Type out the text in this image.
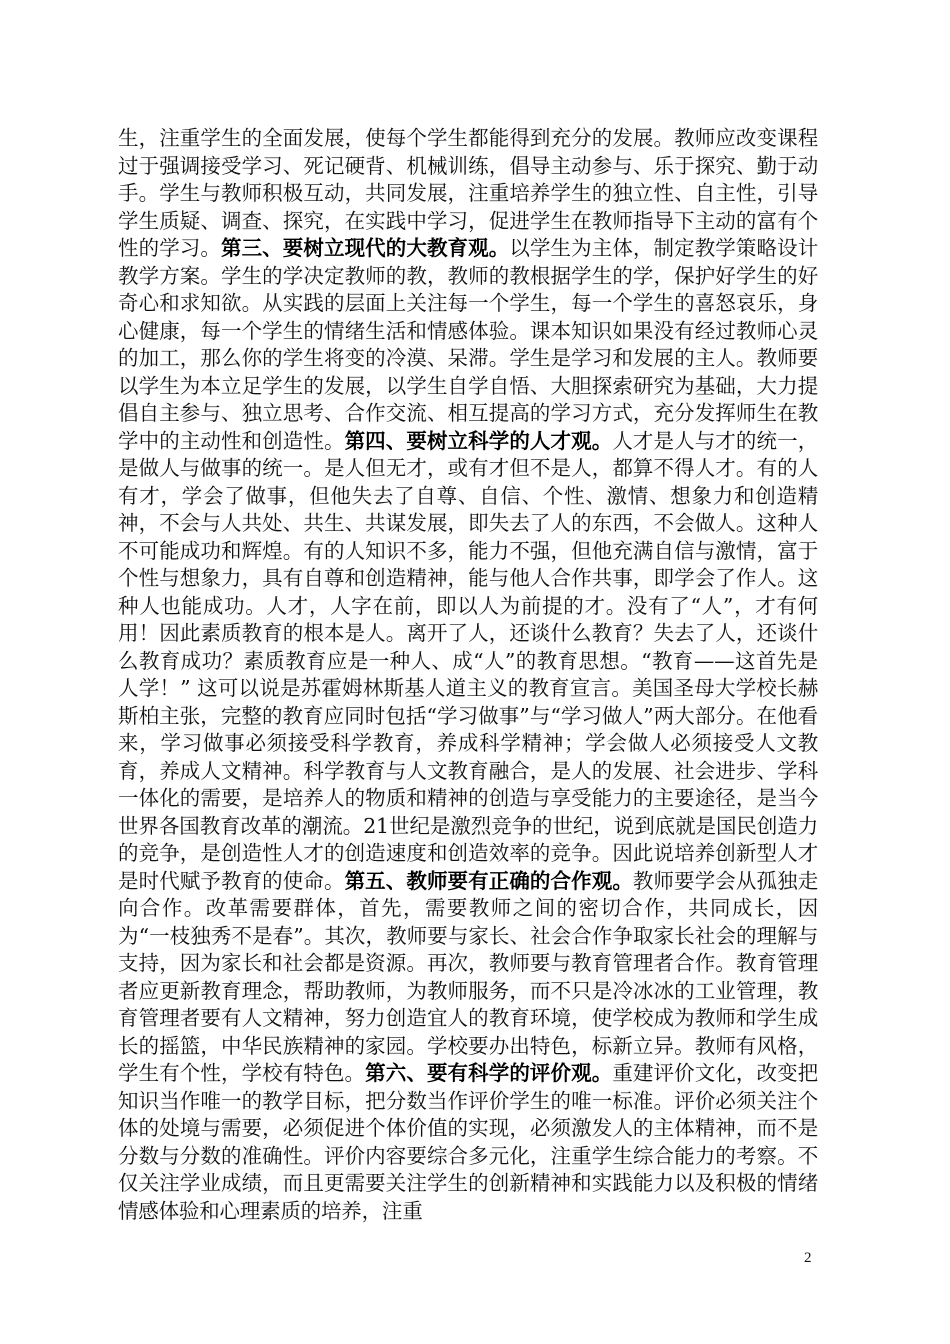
生，注重学生的全面发展，使每个学生都能得到充分的发展。教师应改变课程过于强调接受学习、死记硬背、机械训练，倡导主动参与、乐于探究、勤于动手。学生与教师积极互动，共同发展，注重培养学生的独立性、自主性，引导学生质疑、调查、探究，在实践中学习，促进学生在教师指导下主动的富有个性的学习。第三、要树立现代的大教育观。以学生为主体，制定教学策略设计教学方案。学生的学决定教师的教，教师的教根据学生的学，保护好学生的好奇心和求知欲。从实践的层面上关注每一个学生，每一个学生的喜怒哀乐，身心健康，每一个学生的情绪生活和情感体验。课本知识如果没有经过教师心灵的加工，那么你的学生将变的冷漠、呆滞。学生是学习和发展的主人。教师要以学生为本立足学生的发展，以学生自学自悟、大胆探索研究为基础，大力提倡自主参与、独立思考、合作交流、相互提高的学习方式，充分发挥师生在教学中的主动性和创造性。第四、要树立科学的人才观。人才是人与才的统一，是做人与做事的统一。是人但无才，或有才但不是人，都算不得人才。有的人有才，学会了做事，但他失去了自尊、自信、个性、激情、想象力和创造精神，不会与人共处、共生、共谋发展，即失去了人的东西，不会做人。这种人不可能成功和辉煌。有的人知识不多，能力不强，但他充满自信与激情，富于个性与想象力，具有自尊和创造精神，能与他人合作共事，即学会了作人。这种人也能成功。人才，人字在前，即以人为前提的才。没有了“人”，才有何用！因此素质教育的根本是人。离开了人，还谈什么教育？失去了人，还谈什么教育成功？素质教育应是一种人、成“人”的教育思想。“教育——这首先是人学！” 这可以说是苏霍姆林斯基人道主义的教育宣言。美国圣母大学校长赫斯柏主张，完整的教育应同时包括“学习做事”与“学习做人”两大部分。在他看来，学习做事必须接受科学教育，养成科学精神；学会做人必须接受人文教育，养成人文精神。科学教育与人文教育融合，是人的发展、社会进步、学科一体化的需要，是培养人的物质和精神的创造与享受能力的主要途径，是当今世界各国教育改革的潮流。21世纪是激烈竞争的世纪，说到底就是国民创造力的竞争，是创造性人才的创造速度和创造效率的竞争。因此说培养创新型人才是时代赋予教育的使命。第五、教师要有正确的合作观。教师要学会从孤独走向合作。改革需要群体，首先，需要教师之间的密切合作，共同成长，因为“一枝独秀不是春”。其次，教师要与家长、社会合作争取家长社会的理解与支持，因为家长和社会都是资源。再次，教师要与教育管理者合作。教育管理者应更新教育理念，帮助教师，为教师服务，而不只是冷冰冰的工业管理，教育管理者要有人文精神，努力创造宜人的教育环境，使学校成为教师和学生成长的摇篮，中华民族精神的家园。学校要办出特色，标新立异。教师有风格，学生有个性，学校有特色。第六、要有科学的评价观。重建评价文化，改变把知识当作唯一的教学目标，把分数当作评价学生的唯一标准。评价必须关注个体的处境与需要，必须促进个体价值的实现，必须激发人的主体精神，而不是分数与分数的准确性。评价内容要综合多元化，注重学生综合能力的考察。不仅关注学业成绩，而且更需要关注学生的创新精神和实践能力以及积极的情绪情感体验和心理素质的培养，注重

2
